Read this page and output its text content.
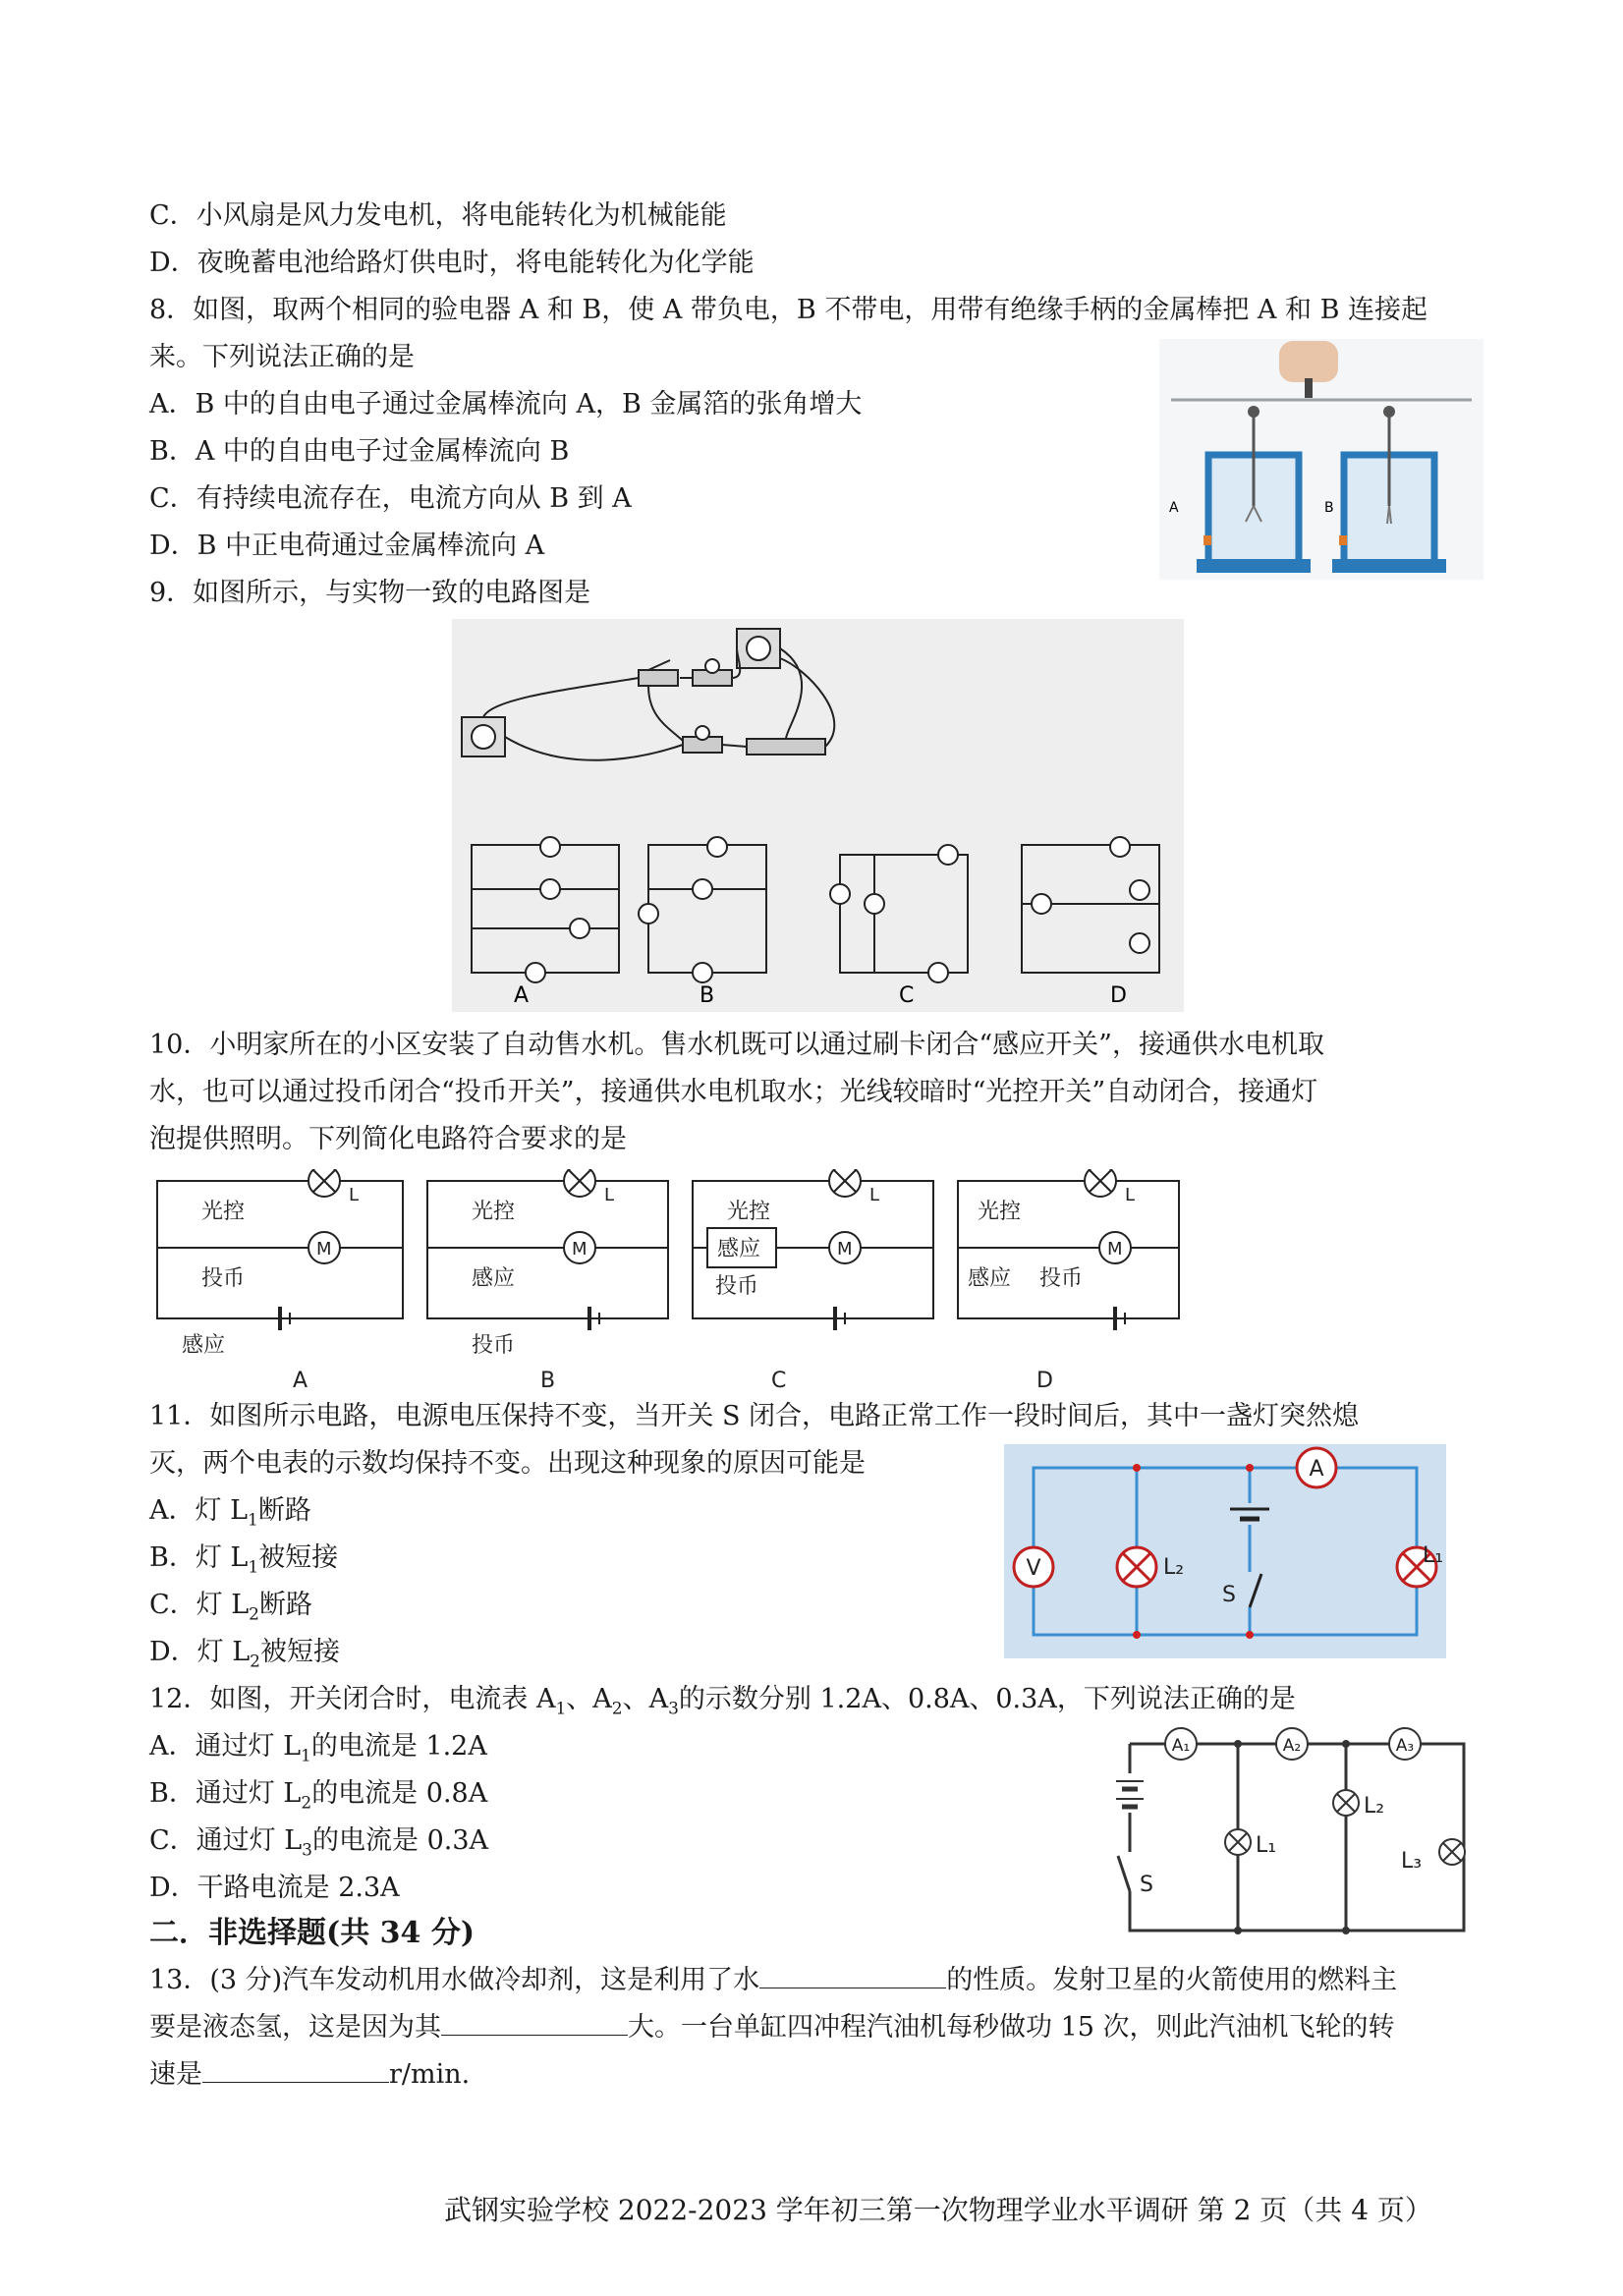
C．小风扇是风力发电机，将电能转化为机械能能
D．夜晚蓄电池给路灯供电时，将电能转化为化学能
8．如图，取两个相同的验电器 A 和 B，使 A 带负电，B 不带电，用带有绝缘手柄的金属棒把 A 和 B 连接起
来。下列说法正确的是
A．B 中的自由电子通过金属棒流向 A，B 金属箔的张角增大
B．A 中的自由电子过金属棒流向 B
C．有持续电流存在，电流方向从 B 到 A
D．B 中正电荷通过金属棒流向 A
9．如图所示，与实物一致的电路图是
10．小明家所在的小区安装了自动售水机。售水机既可以通过刷卡闭合“感应开关”，接通供水电机取
水，也可以通过投币闭合“投币开关”，接通供水电机取水；光线较暗时“光控开关”自动闭合，接通灯
泡提供照明。下列简化电路符合要求的是
11．如图所示电路，电源电压保持不变，当开关 S 闭合，电路正常工作一段时间后，其中一盏灯突然熄
灭，两个电表的示数均保持不变。出现这种现象的原因可能是
A．灯 $L_1$断路
B．灯 $L_1$被短接
C．灯 $L_2$断路
D．灯 $L_2$被短接
12．如图，开关闭合时，电流表 $A_1$、$A_2$、$A_3$的示数分别 1.2A、0.8A、0.3A，下列说法正确的是
A．通过灯 $L_1$的电流是 1.2A
B．通过灯 $L_2$的电流是 0.8A
C．通过灯 $L_3$的电流是 0.3A
D．干路电流是 2.3A
二．非选择题(共 34 分)
13．(3 分)汽车发动机用水做冷却剂，这是利用了水	的性质。发射卫星的火箭使用的燃料主
要是液态氢，这是因为其	大。一台单缸四冲程汽油机每秒做功 15 次，则此汽油机飞轮的转
速是	r/min.
武钢实验学校 2022-2023 学年初三第一次物理学业水平调研 第 2 页（共 4 页）
A	B
A	B	C	D
光控
投币
感应
M
L
光控
感应
投币
M
L
光控
感应
投币
M
L
光控
感应 投币
M
L
A	B	C	D
A
V	L₂	L₁
S
S
A₁	A₂	A₃
L₁
L₂
L₃
